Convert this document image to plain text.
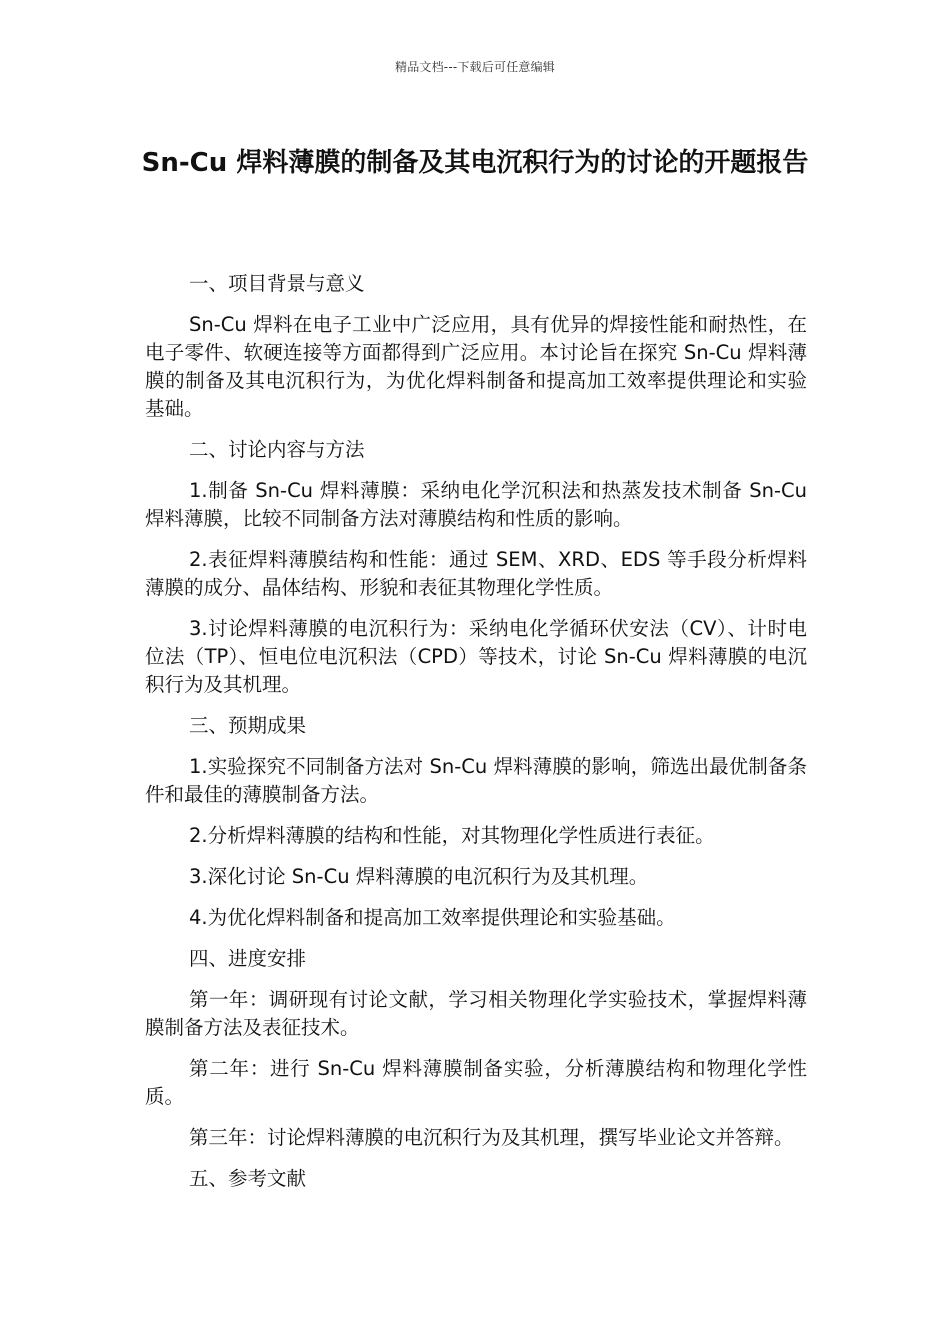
精品文档---下载后可任意编辑
Sn-Cu 焊料薄膜的制备及其电沉积行为的讨论的开题报告
一、项目背景与意义
Sn-Cu 焊料在电子工业中广泛应用，具有优异的焊接性能和耐热性，在电子零件、软硬连接等方面都得到广泛应用。本讨论旨在探究 Sn-Cu 焊料薄膜的制备及其电沉积行为，为优化焊料制备和提高加工效率提供理论和实验基础。
二、讨论内容与方法
1.制备 Sn-Cu 焊料薄膜：采纳电化学沉积法和热蒸发技术制备 Sn-Cu 焊料薄膜，比较不同制备方法对薄膜结构和性质的影响。
2.表征焊料薄膜结构和性能：通过 SEM、XRD、EDS 等手段分析焊料薄膜的成分、晶体结构、形貌和表征其物理化学性质。
3.讨论焊料薄膜的电沉积行为：采纳电化学循环伏安法（CV）、计时电位法（TP）、恒电位电沉积法（CPD）等技术，讨论 Sn-Cu 焊料薄膜的电沉积行为及其机理。
三、预期成果
1.实验探究不同制备方法对 Sn-Cu 焊料薄膜的影响，筛选出最优制备条件和最佳的薄膜制备方法。
2.分析焊料薄膜的结构和性能，对其物理化学性质进行表征。
3.深化讨论 Sn-Cu 焊料薄膜的电沉积行为及其机理。
4.为优化焊料制备和提高加工效率提供理论和实验基础。
四、进度安排
第一年：调研现有讨论文献，学习相关物理化学实验技术，掌握焊料薄膜制备方法及表征技术。
第二年：进行 Sn-Cu 焊料薄膜制备实验，分析薄膜结构和物理化学性质。
第三年：讨论焊料薄膜的电沉积行为及其机理，撰写毕业论文并答辩。
五、参考文献
